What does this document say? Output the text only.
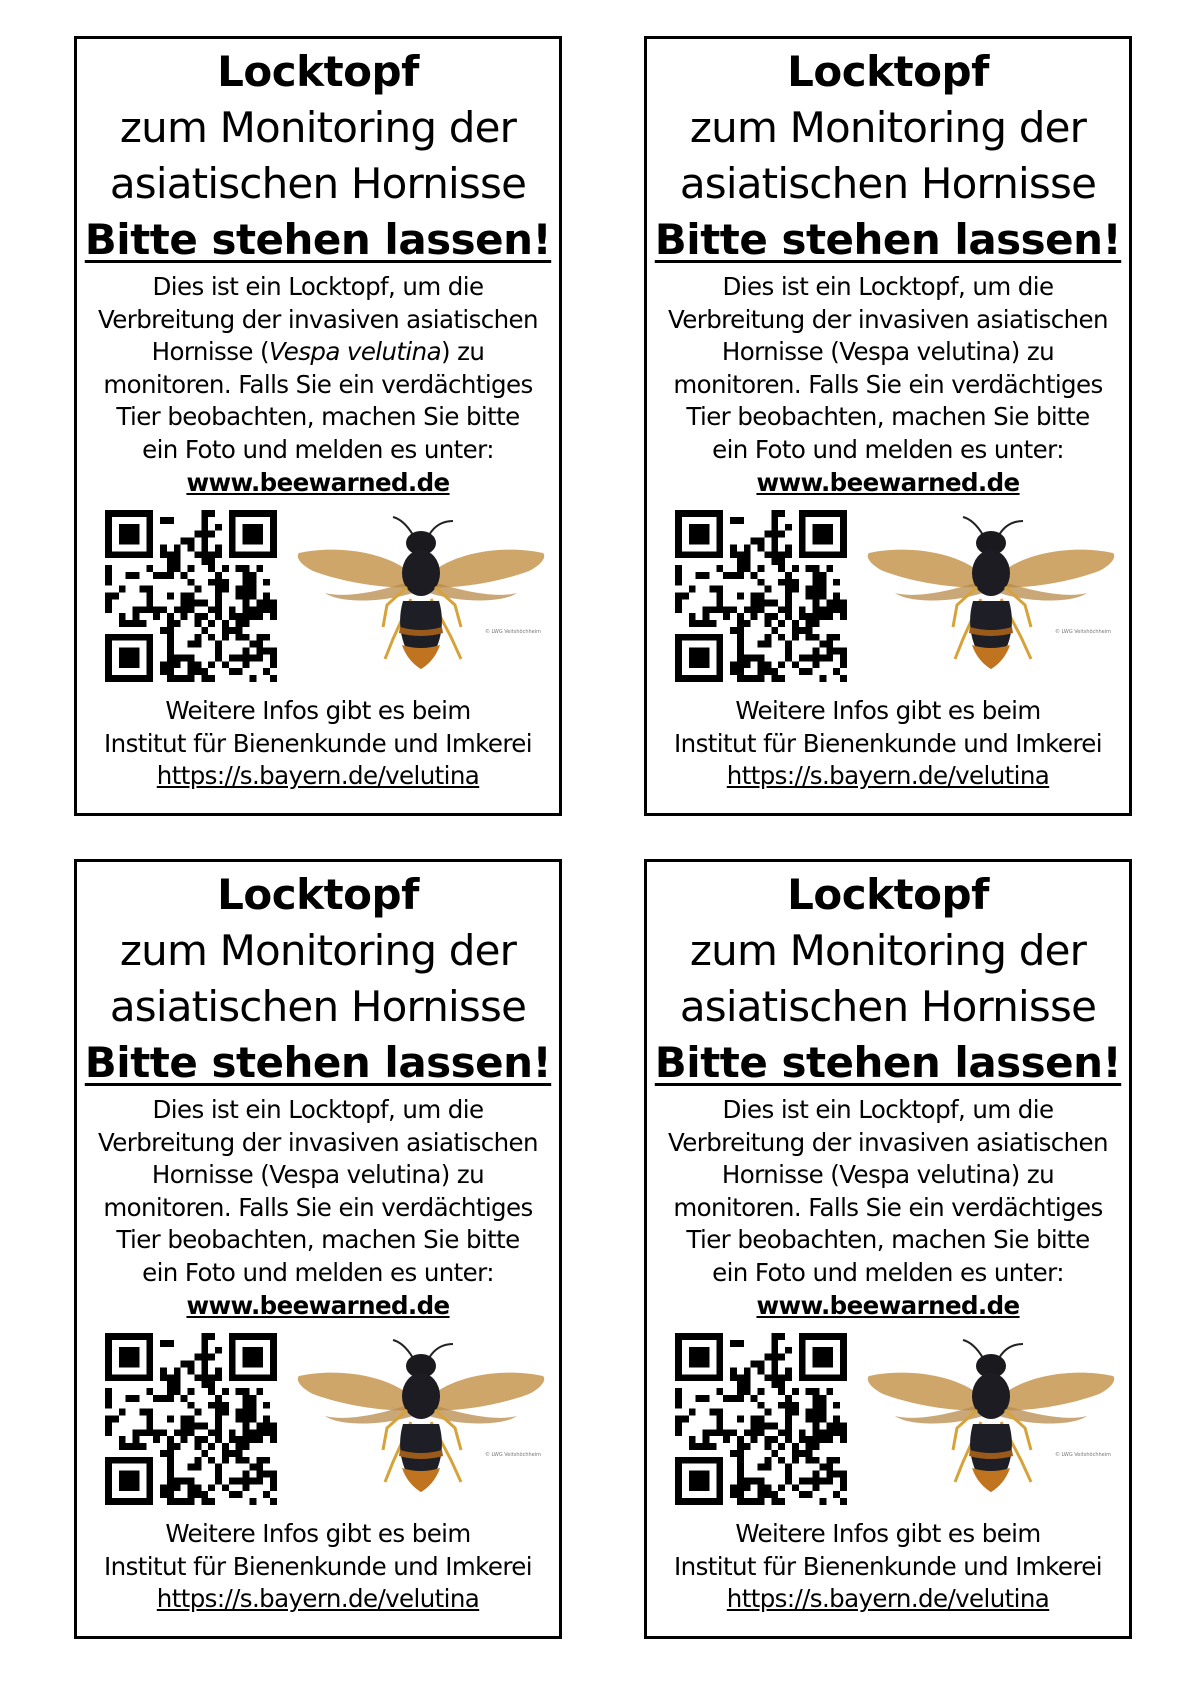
Locktopf
zum Monitoring der
asiatischen Hornisse
Bitte stehen lassen!

Dies ist ein Locktopf, um die

Verbreitung der invasiven asiatischen

Hornisse (Vespa velutina) zu

monitoren. Falls Sie ein verdächtiges

Tier beobachten, machen Sie bitte

ein Foto und melden es unter:

www.beewarned.de

© LWG Veitshöchheim

Weitere Infos gibt es beim

Institut für Bienenkunde und Imkerei

https://s.bayern.de/velutina

Locktopf
zum Monitoring der
asiatischen Hornisse
Bitte stehen lassen!

Dies ist ein Locktopf, um die

Verbreitung der invasiven asiatischen

Hornisse (Vespa velutina) zu

monitoren. Falls Sie ein verdächtiges

Tier beobachten, machen Sie bitte

ein Foto und melden es unter:

www.beewarned.de

© LWG Veitshöchheim

Weitere Infos gibt es beim

Institut für Bienenkunde und Imkerei

https://s.bayern.de/velutina

Locktopf
zum Monitoring der
asiatischen Hornisse
Bitte stehen lassen!

Dies ist ein Locktopf, um die

Verbreitung der invasiven asiatischen

Hornisse (Vespa velutina) zu

monitoren. Falls Sie ein verdächtiges

Tier beobachten, machen Sie bitte

ein Foto und melden es unter:

www.beewarned.de

© LWG Veitshöchheim

Weitere Infos gibt es beim

Institut für Bienenkunde und Imkerei

https://s.bayern.de/velutina

Locktopf
zum Monitoring der
asiatischen Hornisse
Bitte stehen lassen!

Dies ist ein Locktopf, um die

Verbreitung der invasiven asiatischen

Hornisse (Vespa velutina) zu

monitoren. Falls Sie ein verdächtiges

Tier beobachten, machen Sie bitte

ein Foto und melden es unter:

www.beewarned.de

© LWG Veitshöchheim

Weitere Infos gibt es beim

Institut für Bienenkunde und Imkerei

https://s.bayern.de/velutina
